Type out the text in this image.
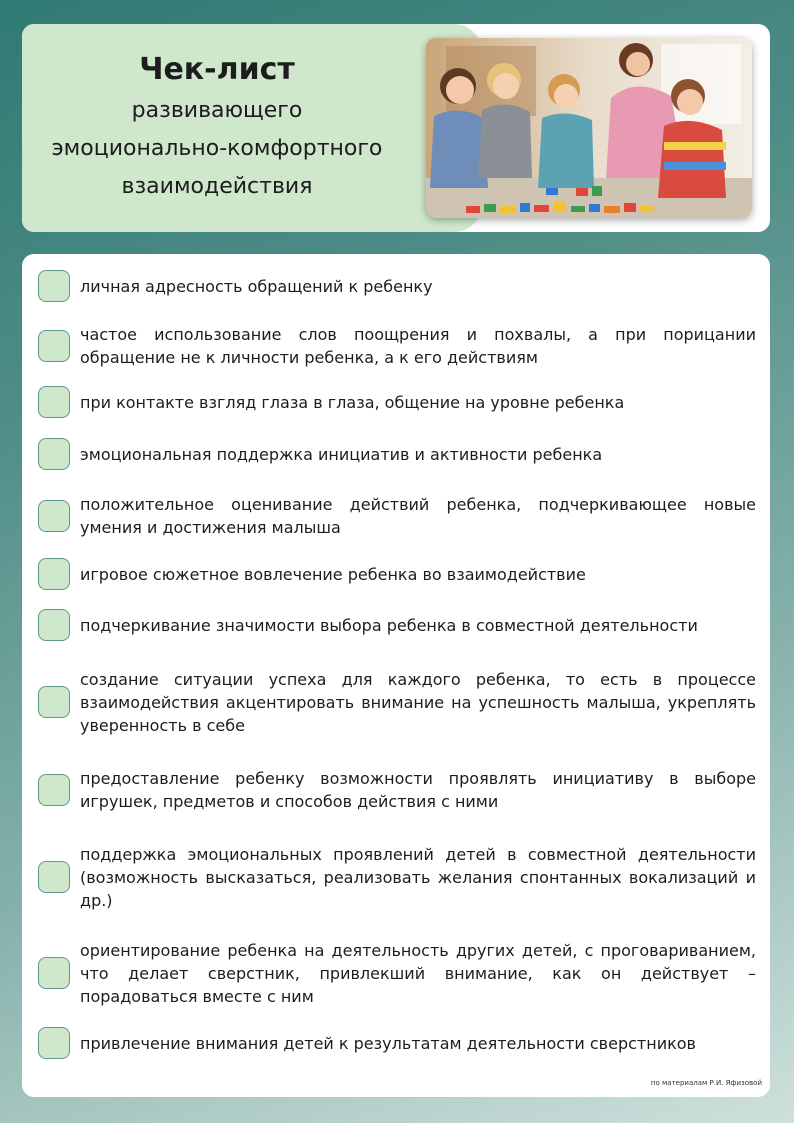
Чек-лист
развивающего
эмоционально-комфортного
взаимодействия
личная адресность обращений к ребенку
частое использование слов поощрения и похвалы, а при порицании обращение не к личности ребенка, а к его действиям
при контакте взгляд глаза в глаза, общение на уровне ребенка
эмоциональная поддержка инициатив и активности ребенка
положительное оценивание действий ребенка, подчеркивающее новые умения и достижения малыша
игровое сюжетное вовлечение ребенка во взаимодействие
подчеркивание значимости выбора ребенка в совместной деятельности
создание ситуации успеха для каждого ребенка, то есть в процессе взаимодействия акцентировать внимание на успешность малыша, укреплять уверенность в себе
предоставление ребенку возможности проявлять инициативу в выборе игрушек, предметов и способов действия с ними
поддержка эмоциональных проявлений детей в совместной деятельности (возможность высказаться, реализовать желания спонтанных вокализаций и др.)
ориентирование ребенка на деятельность других детей, с проговариванием, что делает сверстник, привлекший внимание, как он действует – порадоваться вместе с ним
привлечение внимания детей к результатам деятельности сверстников
по материалам Р.И. Яфизовой
